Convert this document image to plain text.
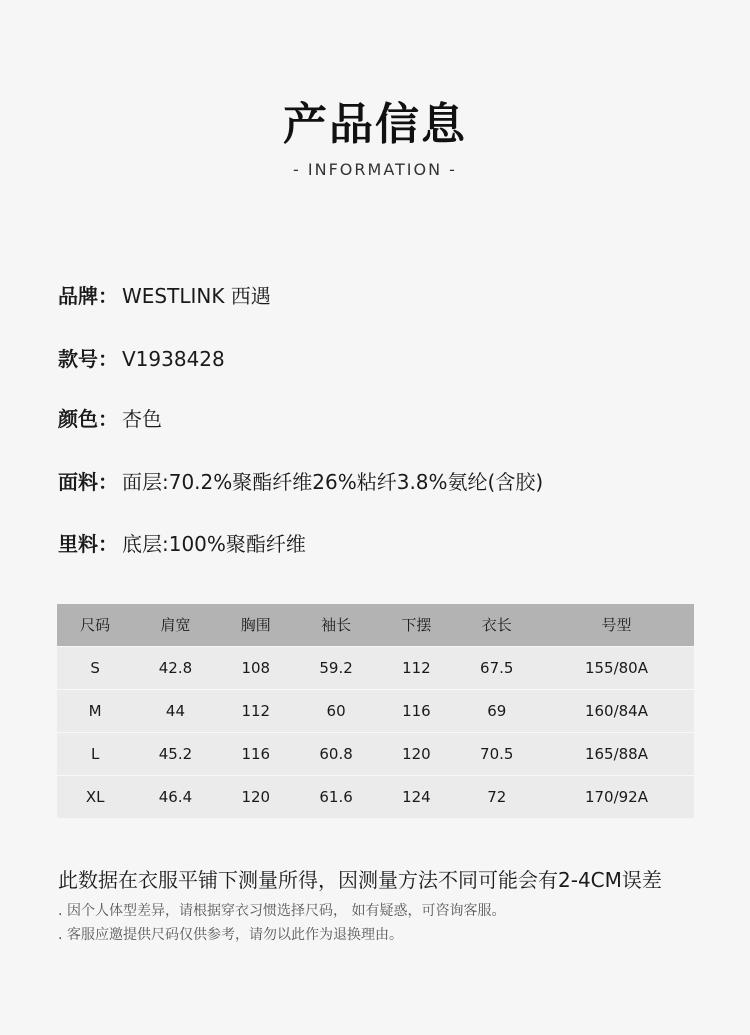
产品信息
- INFORMATION -
品牌： WESTLINK 西遇
款号： V1938428
颜色： 杏色
面料： 面层:70.2%聚酯纤维26%粘纤3.8%氨纶(含胶)
里料： 底层:100%聚酯纤维
尺码	肩宽	胸围	袖长	下摆	衣长	号型
S	42.8	108	59.2	112	67.5	155/80A
M	44	112	60	116	69	160/84A
L	45.2	116	60.8	120	70.5	165/88A
XL	46.4	120	61.6	124	72	170/92A
此数据在衣服平铺下测量所得，因测量方法不同可能会有2-4CM误差
. 因个人体型差异，请根据穿衣习惯选择尺码， 如有疑惑，可咨询客服。
. 客服应邀提供尺码仅供参考，请勿以此作为退换理由。
